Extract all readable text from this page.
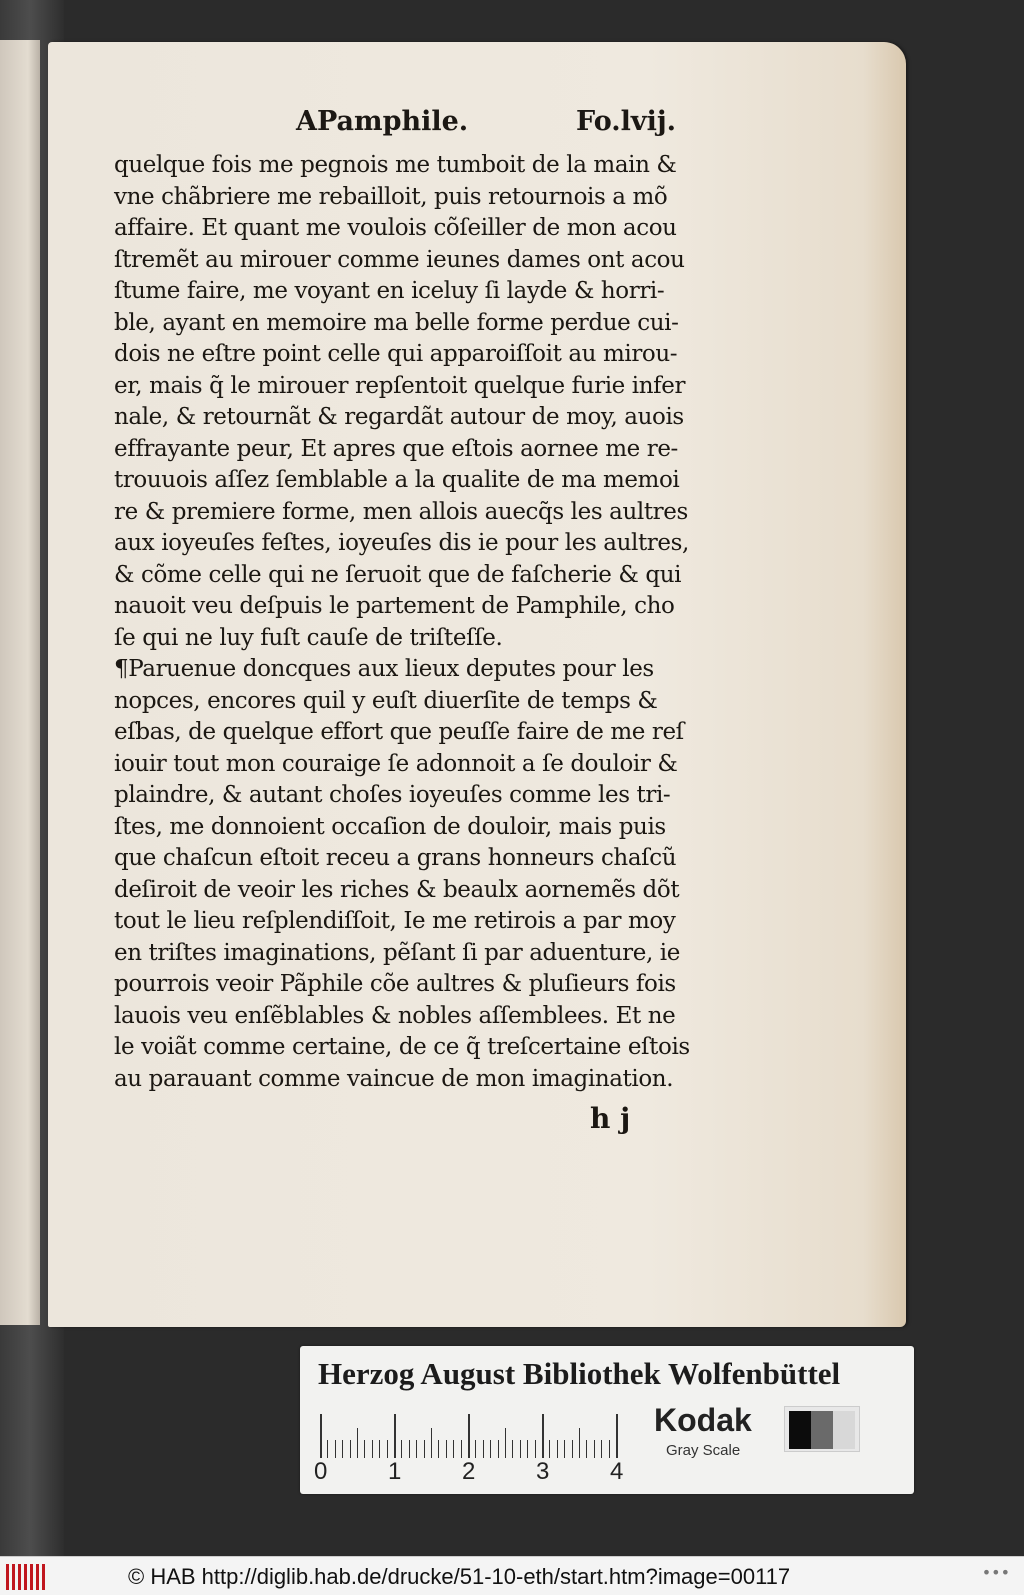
APamphile.	Fo.lvij.
quelque fois me pegnois me tumboit de la main &
vne chãbriere me rebailloit, puis retournois a mõ
affaire. Et quant me voulois cõſeiller de mon acou
ſtremẽt au mirouer comme ieunes dames ont acou
ſtume faire, me voyant en iceluy ſi layde & horri-
ble, ayant en memoire ma belle forme perdue cui-
dois ne eſtre point celle qui apparoiſſoit au mirou-
er, mais q̃ le mirouer repſentoit quelque furie infer
nale, & retournãt & regardãt autour de moy, auois
effrayante peur, Et apres que eſtois aornee me re-
trouuois aſſez ſemblable a la qualite de ma memoi
re & premiere forme, men allois auecq̃s les aultres
aux ioyeuſes feſtes, ioyeuſes dis ie pour les aultres,
& cõme celle qui ne ſeruoit que de faſcherie & qui
nauoit veu deſpuis le partement de Pamphile, cho
ſe qui ne luy fuſt cauſe de triſteſſe.
¶Paruenue doncques aux lieux deputes pour les
nopces, encores quil y euſt diuerſite de temps &
eſbas, de quelque effort que peuſſe faire de me reſ
iouir tout mon couraige ſe adonnoit a ſe douloir &
plaindre, & autant choſes ioyeuſes comme les tri-
ſtes, me donnoient occaſion de douloir, mais puis
que chaſcun eſtoit receu a grans honneurs chaſcũ
deſiroit de veoir les riches & beaulx aornemẽs dõt
tout le lieu reſplendiſſoit, Ie me retirois a par moy
en triſtes imaginations, pẽſant ſi par aduenture, ie
pourrois veoir Pãphile cõe aultres & pluſieurs fois
lauois veu enſẽblables & nobles aſſemblees. Et ne
le voiãt comme certaine, de ce q̃ treſcertaine eſtois
au parauant comme vaincue de mon imagination.
h j
Herzog August Bibliothek Wolfenbüttel
0	1	2	3	4
Kodak
Gray Scale
© HAB http://diglib.hab.de/drucke/51-10-eth/start.htm?image=00117	•••
